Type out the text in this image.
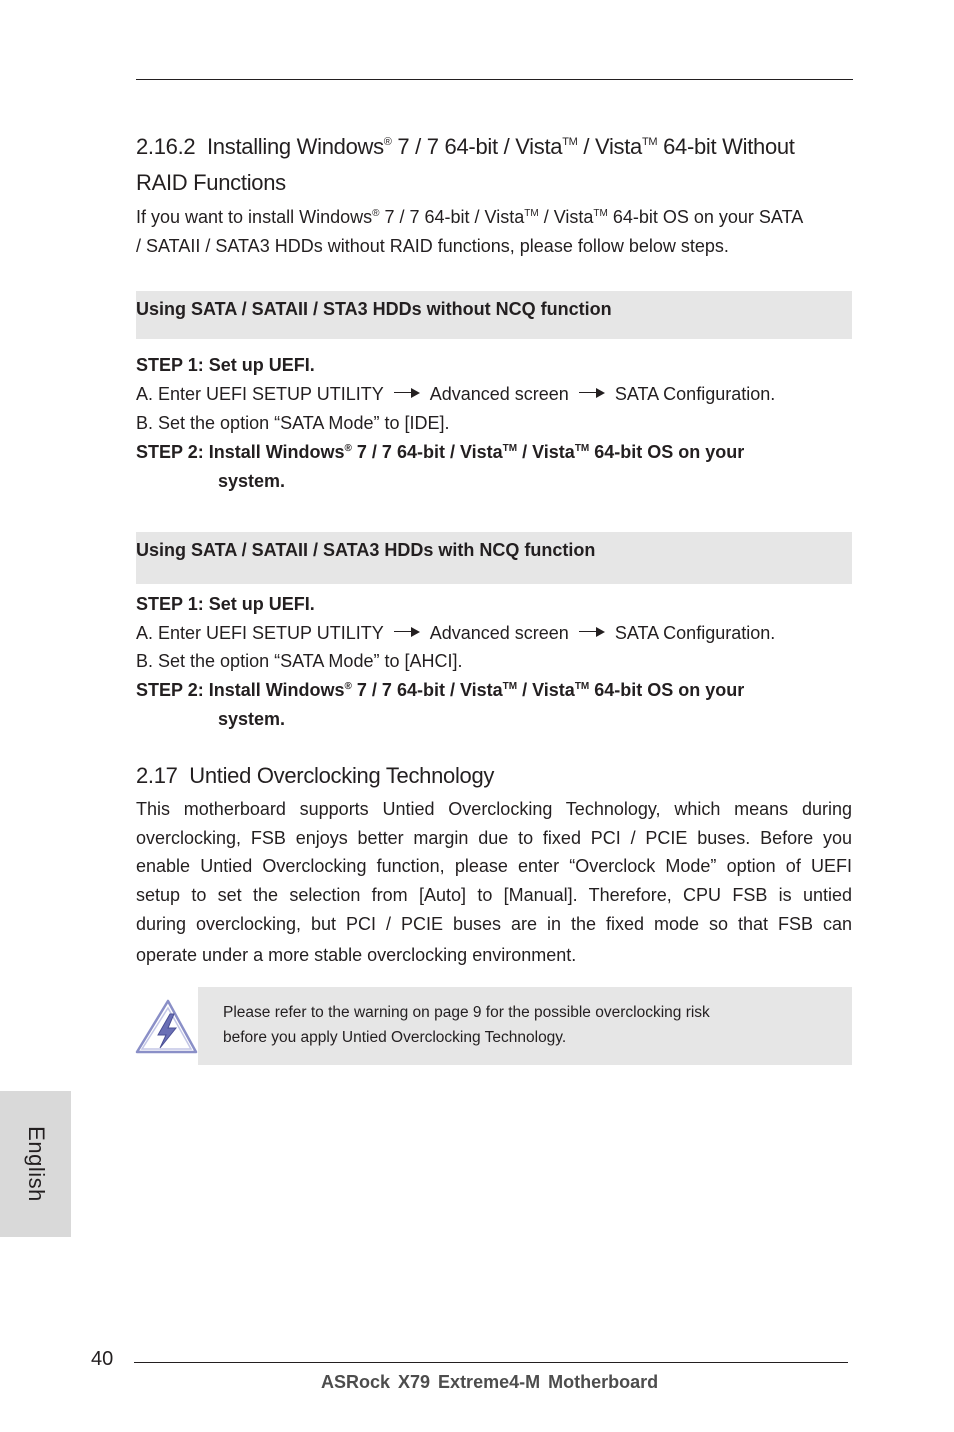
2.16.2 Installing Windows® 7 / 7 64-bit / Vista™ / Vista™ 64-bit Without
RAID Functions
If you want to install Windows® 7 / 7 64-bit / Vista™ / Vista™ 64-bit OS on your SATA
/ SATAII / SATA3 HDDs without RAID functions, please follow below steps.
Using SATA / SATAII / STA3 HDDs without NCQ function
STEP 1: Set up UEFI.
A. Enter UEFI SETUP UTILITY	Advanced screen	SATA Configuration.
B. Set the option “SATA Mode” to [IDE].
STEP 2: Install Windows® 7 / 7 64-bit / Vista™ / Vista™ 64-bit OS on your
system.
Using SATA / SATAII / SATA3 HDDs with NCQ function
STEP 1: Set up UEFI.
A. Enter UEFI SETUP UTILITY	Advanced screen	SATA Configuration.
B. Set the option “SATA Mode” to [AHCI].
STEP 2: Install Windows® 7 / 7 64-bit / Vista™ / Vista™ 64-bit OS on your
system.
2.17 Untied Overclocking Technology
This motherboard supports Untied Overclocking Technology, which means during
overclocking, FSB enjoys better margin due to fixed PCI / PCIE buses. Before you
enable Untied Overclocking function, please enter “Overclock Mode” option of UEFI
setup to set the selection from [Auto] to [Manual]. Therefore, CPU FSB is untied
during overclocking, but PCI / PCIE buses are in the fixed mode so that FSB can
operate under a more stable overclocking environment.
Please refer to the warning on page 9 for the possible overclocking risk
before you apply Untied Overclocking Technology.
English
40
ASRock X79 Extreme4-M Motherboard
